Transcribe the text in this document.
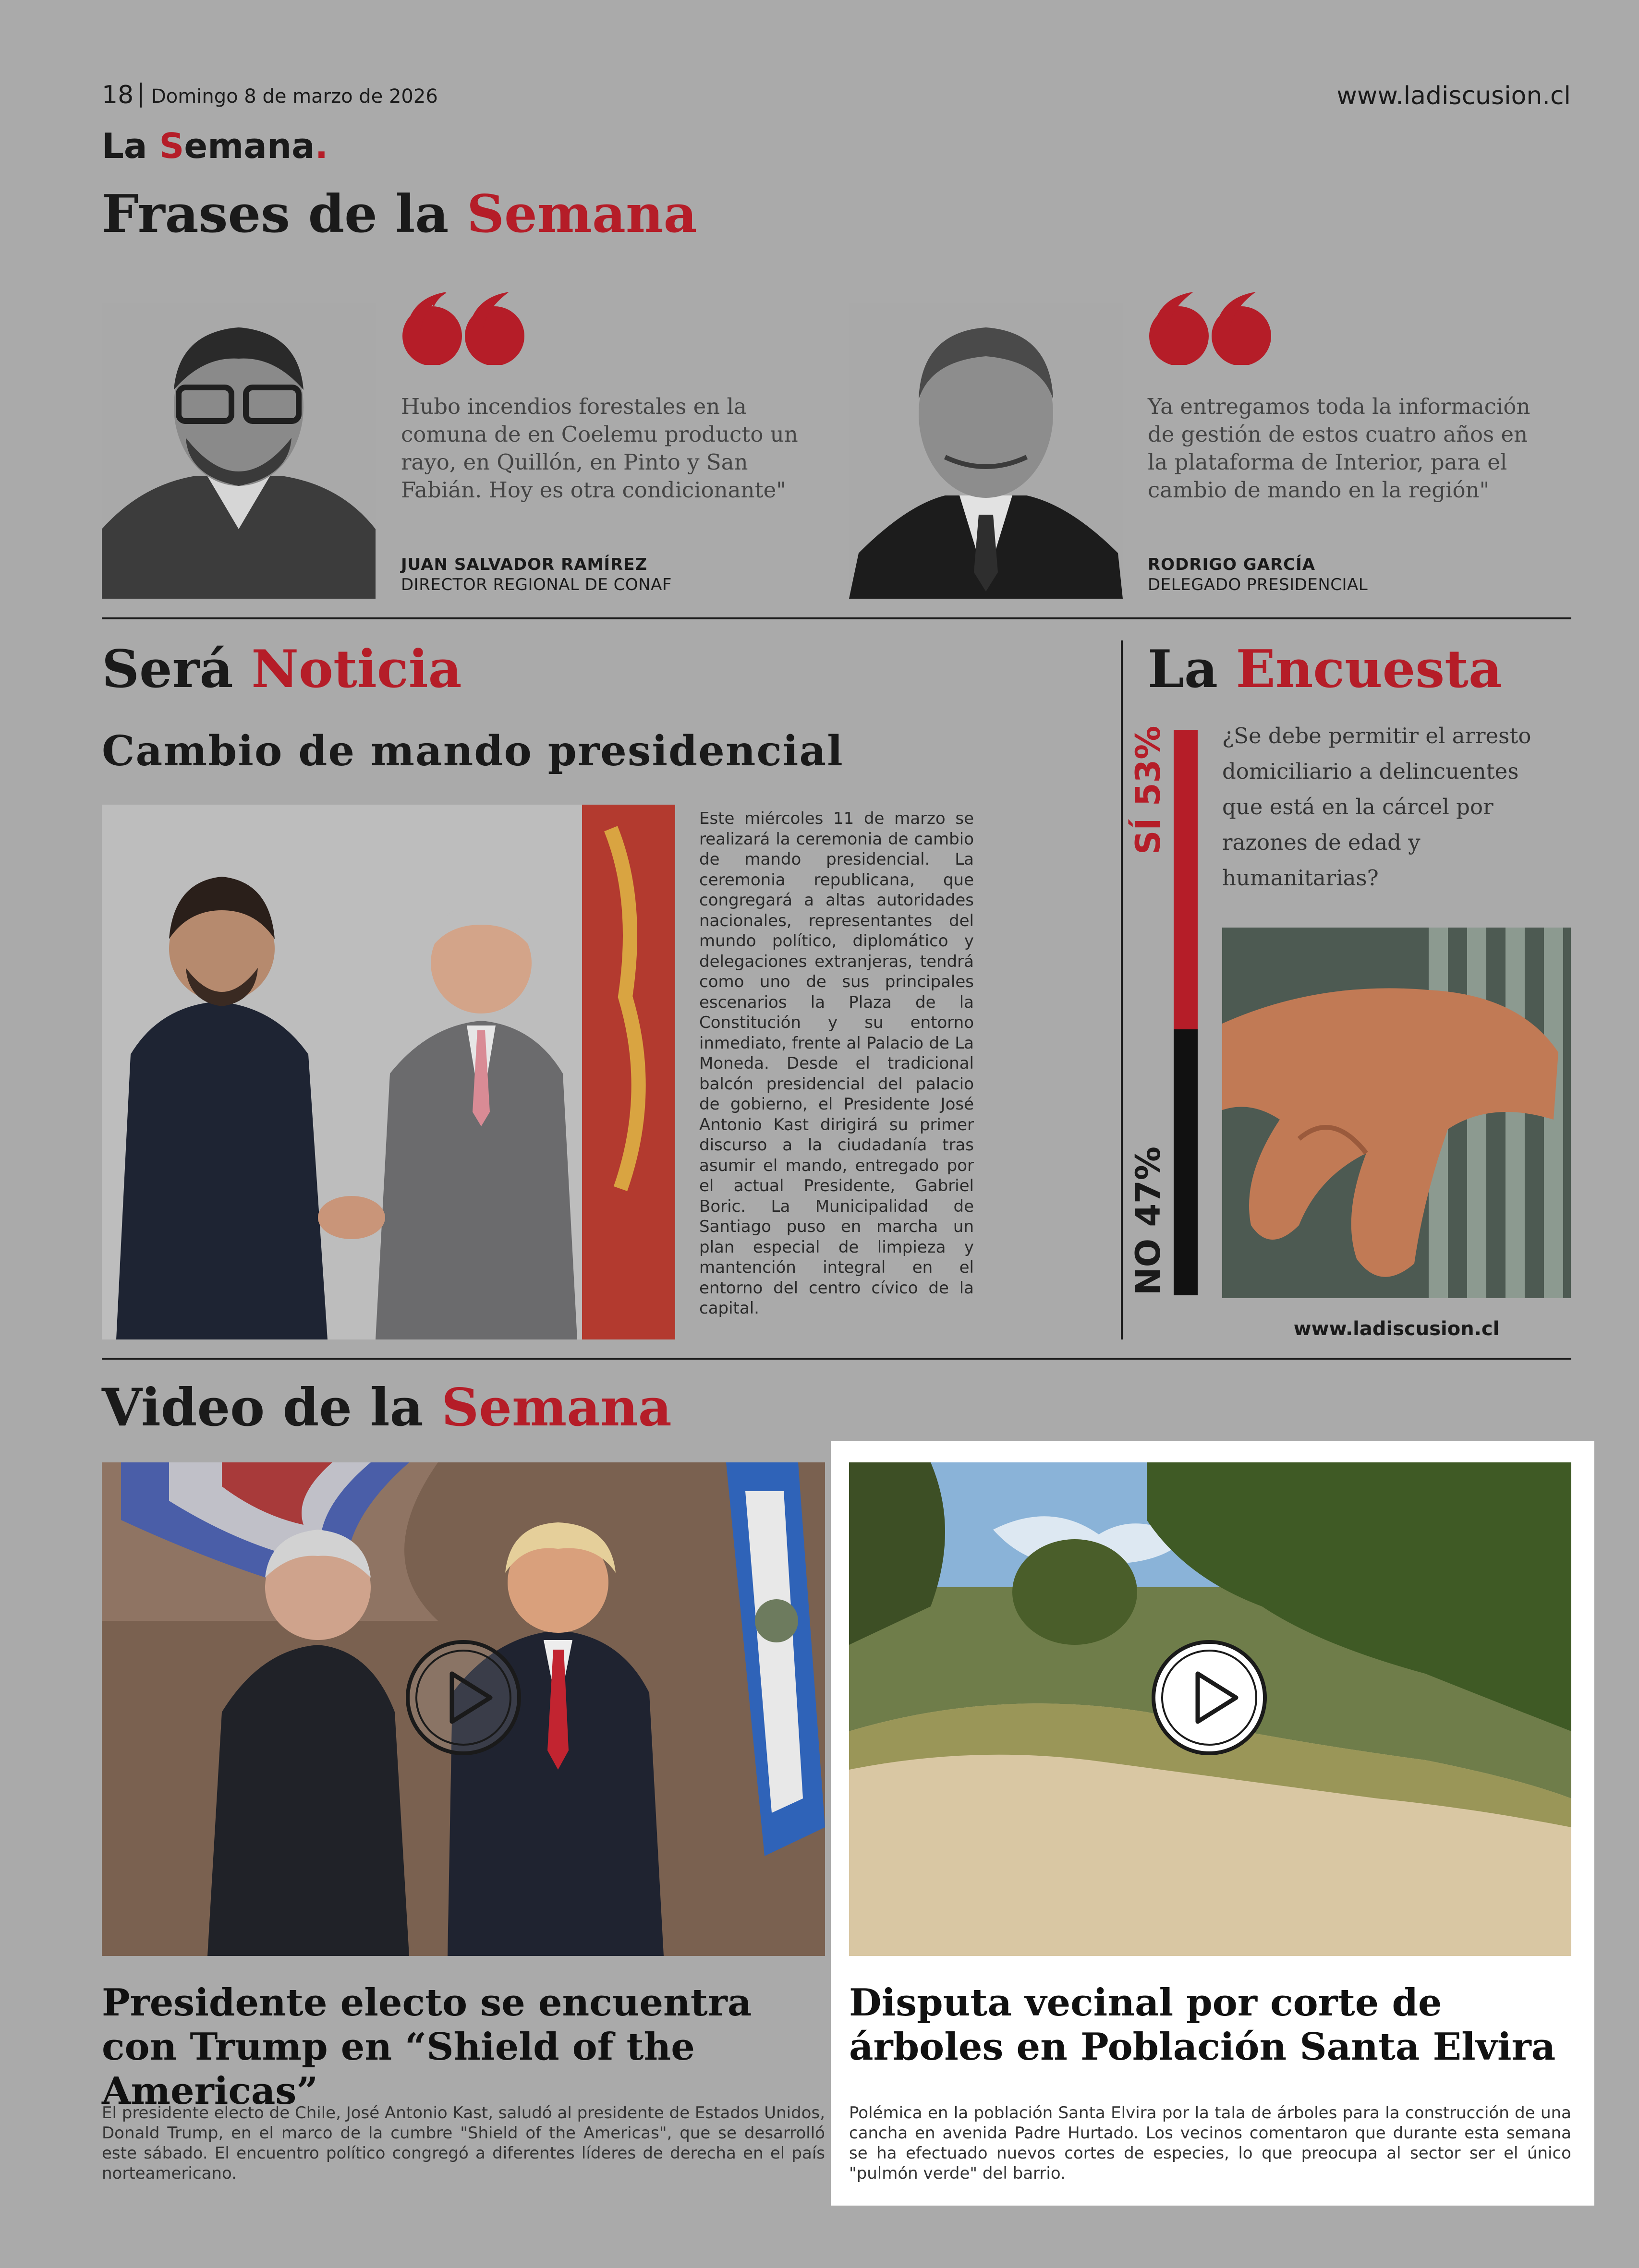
18 Domingo 8 de marzo de 2026	www.ladiscusion.cl
La Semana.
Frases de la Semana
Hubo incendios forestales en la comuna de en Coelemu producto un rayo, en Quillón, en Pinto y San Fabián. Hoy es otra condicionante"
JUAN SALVADOR RAMÍREZ
DIRECTOR REGIONAL DE CONAF
Ya entregamos toda la información de gestión de estos cuatro años en la plataforma de Interior, para el cambio de mando en la región"
RODRIGO GARCÍA
DELEGADO PRESIDENCIAL
Será Noticia
Cambio de mando presidencial
Este miércoles 11 de marzo se realizará la ceremonia de cambio de mando presidencial. La ceremonia republicana, que congregará a altas autoridades nacionales, representantes del mundo político, diplomático y delegaciones extranjeras, tendrá como uno de sus principales escenarios la Plaza de la Constitución y su entorno inmediato, frente al Palacio de La Moneda. Desde el tradicional balcón presidencial del palacio de gobierno, el Presidente José Antonio Kast dirigirá su primer discurso a la ciudadanía tras asumir el mando, entregado por el actual Presidente, Gabriel Boric. La Municipalidad de Santiago puso en marcha un plan especial de limpieza y mantención integral en el entorno del centro cívico de la capital.
La Encuesta
SÍ 53%
NO 47%
¿Se debe permitir el arresto domiciliario a delincuentes que está en la cárcel por razones de edad y humanitarias?
www.ladiscusion.cl
Video de la Semana
Presidente electo se encuentra con Trump en “Shield of the Americas”
El presidente electo de Chile, José Antonio Kast, saludó al presidente de Estados Unidos, Donald Trump, en el marco de la cumbre "Shield of the Americas", que se desarrolló este sábado. El encuentro político congregó a diferentes líderes de derecha en el país norteamericano.
Disputa vecinal por corte de árboles en Población Santa Elvira
Polémica en la población Santa Elvira por la tala de árboles para la construcción de una cancha en avenida Padre Hurtado. Los vecinos comentaron que durante esta semana se ha efectuado nuevos cortes de especies, lo que preocupa al sector ser el único "pulmón verde" del barrio.
